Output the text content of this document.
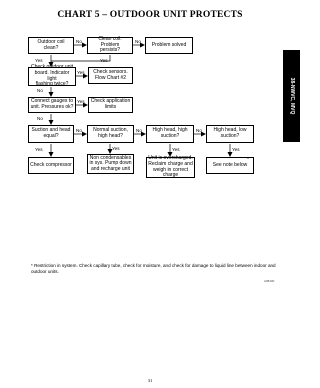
CHART 5 – OUTDOOR UNIT PROTECTS
38-NWVC, MVQ
Outdoor coil clean?
Clean coil. Problem
persists?
Problem solved
Check outdoor unit
board. Indicator light
flashing twice?
Check sensors.
Flow Chart #2
Connect gauges to
unit. Pressures ok?
Check application
limits
Suction and head
equal?
Normal suction,
high head?
High head, high
suction?
High head, low
suction?
Check compressor
Non condensables
in sys. Pump down
and recharge unit
Unit is overcharged.
Reclaim charge and
weigh in correct charge
See note below
*
No	No
Yes	Yes
Yes
No
Yes
No
No	No	No
Yes	Yes	Yes	Yes
* Restriction in system. Check capillary tube, check for moisture, and check for damage to liquid line between indoor and outdoor units.
A08100
31
